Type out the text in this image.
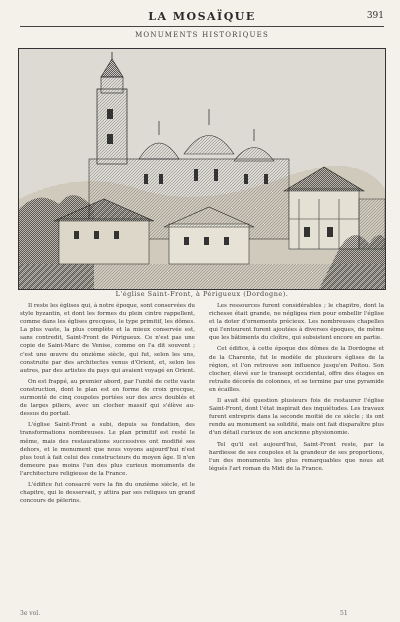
LA MOSAÏQUE	391
MONUMENTS HISTORIQUES
L'église Saint-Front, à Périgueux (Dordogne).

Il reste les églises qui, à notre époque, sont conservées du style byzantin, et dont les formes du plein cintre rappellent, comme dans les églises grecques, le type primitif, les dômes. La plus vaste, la plus complète et la mieux conservée est, sans contredit, Saint-Front de Périgueux. Ce n'est pas une copie de Saint-Marc de Venise, comme on l'a dit souvent ; c'est une œuvre du onzième siècle, qui fut, selon les uns, construite par des architectes venus d'Orient, et, selon les autres, par des artistes du pays qui avaient voyagé en Orient.

On est frappé, au premier abord, par l'unité de cette vaste construction, dont le plan est en forme de croix grecque, surmonté de cinq coupoles portées sur des arcs doublés et de larges piliers, avec un clocher massif qui s'élève au-dessus du portail.

L'église Saint-Front a subi, depuis sa fondation, des transformations nombreuses. Le plan primitif est resté le même, mais des restaurations successives ont modifié ses dehors, et le monument que nous voyons aujourd'hui n'est plus tout à fait celui des constructeurs du moyen âge. Il n'en demeure pas moins l'un des plus curieux monuments de l'architecture religieuse de la France.

L'édifice fut consacré vers la fin du onzième siècle, et le chapitre, qui le desservait, y attira par ses reliques un grand concours de pèlerins.

Les ressources furent considérables ; le chapitre, dont la richesse était grande, ne négligea rien pour embellir l'église et la doter d'ornements précieux. Les nombreuses chapelles qui l'entourent furent ajoutées à diverses époques, de même que les bâtiments du cloître, qui subsistent encore en partie.

Cet édifice, à cette époque des dômes de la Dordogne et de la Charente, fut le modèle de plusieurs églises de la région, et l'on retrouve son influence jusqu'en Poitou. Son clocher, élevé sur le transept occidental, offre des étages en retraite décorés de colonnes, et se termine par une pyramide en écailles.

Il avait été question plusieurs fois de restaurer l'église Saint-Front, dont l'état inspirait des inquiétudes. Les travaux furent entrepris dans la seconde moitié de ce siècle ; ils ont rendu au monument sa solidité, mais ont fait disparaître plus d'un détail curieux de son ancienne physionomie.

Tel qu'il est aujourd'hui, Saint-Front reste, par la hardiesse de ses coupoles et la grandeur de ses proportions, l'un des monuments les plus remarquables que nous ait légués l'art roman du Midi de la France.

3e vol.	51
